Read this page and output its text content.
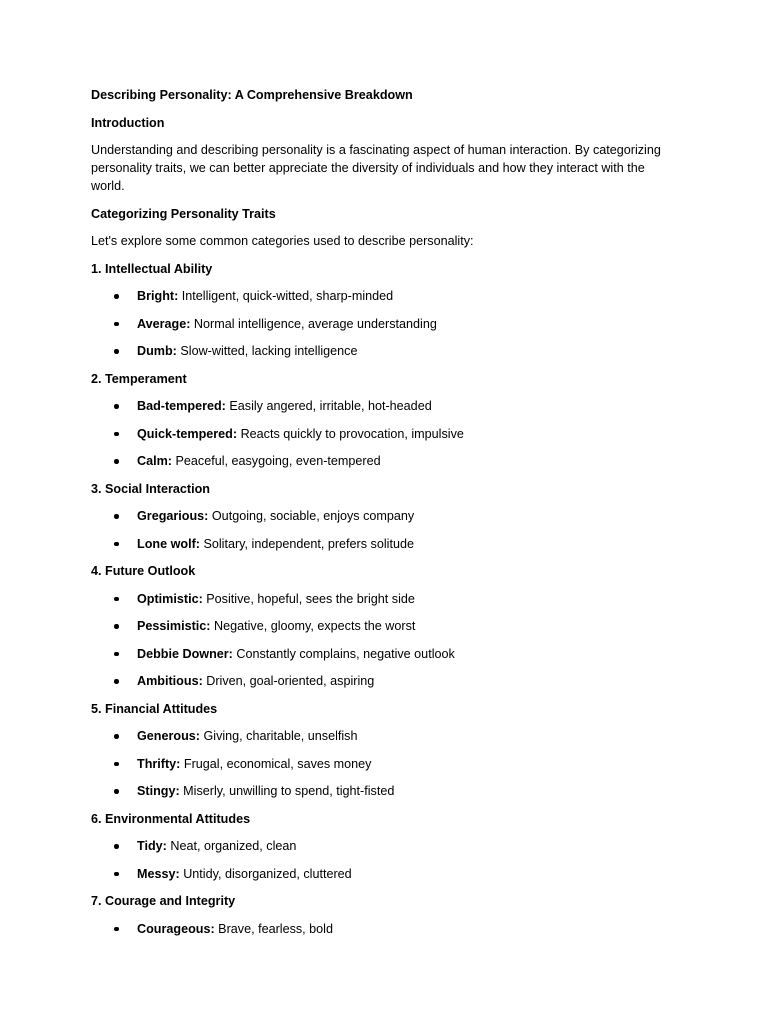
Describing Personality: A Comprehensive Breakdown

Introduction

Understanding and describing personality is a fascinating aspect of human interaction. By categorizing personality traits, we can better appreciate the diversity of individuals and how they interact with the world.

Categorizing Personality Traits

Let's explore some common categories used to describe personality:

1. Intellectual Ability

Bright: Intelligent, quick-witted, sharp-minded
Average: Normal intelligence, average understanding
Dumb: Slow-witted, lacking intelligence

2. Temperament

Bad-tempered: Easily angered, irritable, hot-headed
Quick-tempered: Reacts quickly to provocation, impulsive
Calm: Peaceful, easygoing, even-tempered

3. Social Interaction

Gregarious: Outgoing, sociable, enjoys company
Lone wolf: Solitary, independent, prefers solitude

4. Future Outlook

Optimistic: Positive, hopeful, sees the bright side
Pessimistic: Negative, gloomy, expects the worst
Debbie Downer: Constantly complains, negative outlook
Ambitious: Driven, goal-oriented, aspiring

5. Financial Attitudes

Generous: Giving, charitable, unselfish
Thrifty: Frugal, economical, saves money
Stingy: Miserly, unwilling to spend, tight-fisted

6. Environmental Attitudes

Tidy: Neat, organized, clean
Messy: Untidy, disorganized, cluttered

7. Courage and Integrity

Courageous: Brave, fearless, bold
